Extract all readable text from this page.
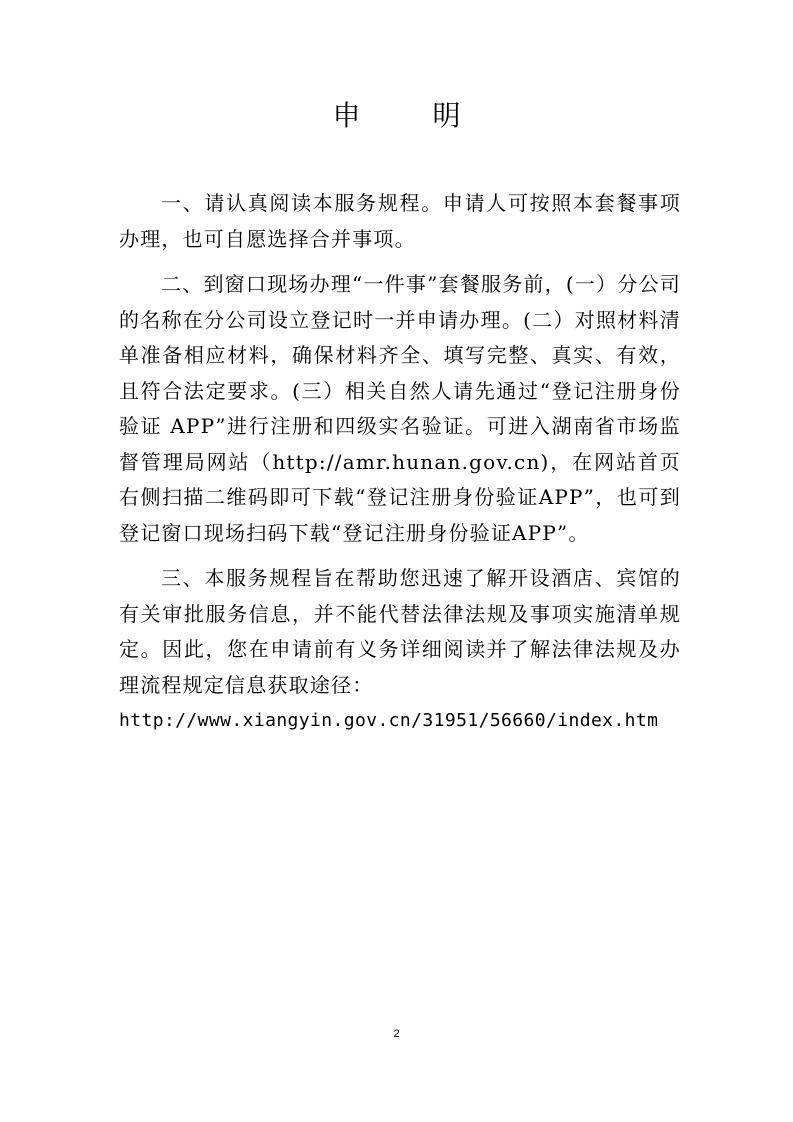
申　明

一、请认真阅读本服务规程。申请人可按照本套餐事项办理，也可自愿选择合并事项。

二、到窗口现场办理“一件事”套餐服务前，(一）分公司的名称在分公司设立登记时一并申请办理。(二）对照材料清单准备相应材料，确保材料齐全、填写完整、真实、有效，且符合法定要求。(三）相关自然人请先通过“登记注册身份验证 APP”进行注册和四级实名验证。可进入湖南省市场监督管理局网站（http://amr.hunan.gov.cn)，在网站首页右侧扫描二维码即可下载“登记注册身份验证APP”，也可到登记窗口现场扫码下载“登记注册身份验证APP”。

三、本服务规程旨在帮助您迅速了解开设酒店、宾馆的有关审批服务信息，并不能代替法律法规及事项实施清单规定。因此，您在申请前有义务详细阅读并了解法律法规及办理流程规定信息获取途径：

http://www.xiangyin.gov.cn/31951/56660/index.htm

2
